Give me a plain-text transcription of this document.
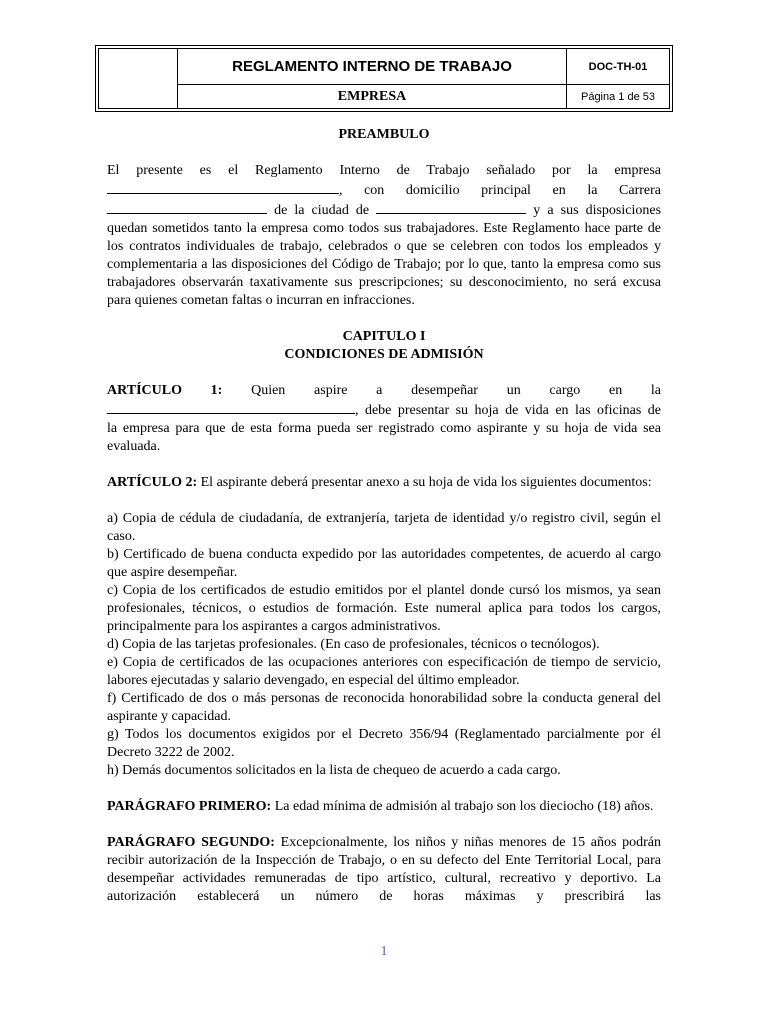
REGLAMENTO INTERNO DE TRABAJO	DOC-TH-01
EMPRESA	Página 1 de 53

PREAMBULO

El presente es el Reglamento Interno de Trabajo señalado por la empresa

, con domicilio principal en la Carrera

de la ciudad de	y a sus disposiciones

quedan sometidos tanto la empresa como todos sus trabajadores. Este Reglamento hace parte de los contratos individuales de trabajo, celebrados o que se celebren con todos los empleados y complementaria a las disposiciones del Código de Trabajo; por lo que, tanto la empresa como sus trabajadores observarán taxativamente sus prescripciones; su desconocimiento, no será excusa para quienes cometan faltas o incurran en infracciones.

CAPITULO I

CONDICIONES DE ADMISIÓN

ARTÍCULO 1: Quien aspire a desempeñar un cargo en la

, debe presentar su hoja de vida en las oficinas de

la empresa para que de esta forma pueda ser registrado como aspirante y su hoja de vida sea evaluada.

ARTÍCULO 2: El aspirante deberá presentar anexo a su hoja de vida los siguientes documentos:

a) Copia de cédula de ciudadanía, de extranjería, tarjeta de identidad y/o registro civil, según el caso.

b) Certificado de buena conducta expedido por las autoridades competentes, de acuerdo al cargo que aspire desempeñar.

c) Copia de los certificados de estudio emitidos por el plantel donde cursó los mismos, ya sean profesionales, técnicos, o estudios de formación. Este numeral aplica para todos los cargos, principalmente para los aspirantes a cargos administrativos.

d) Copia de las tarjetas profesionales. (En caso de profesionales, técnicos o tecnólogos).

e) Copia de certificados de las ocupaciones anteriores con especificación de tiempo de servicio, labores ejecutadas y salario devengado, en especial del último empleador.

f) Certificado de dos o más personas de reconocida honorabilidad sobre la conducta general del aspirante y capacidad.

g) Todos los documentos exigidos por el Decreto 356/94 (Reglamentado parcialmente por él Decreto 3222 de 2002.

h) Demás documentos solicitados en la lista de chequeo de acuerdo a cada cargo.

PARÁGRAFO PRIMERO: La edad mínima de admisión al trabajo son los dieciocho (18) años.

PARÁGRAFO SEGUNDO: Excepcionalmente, los niños y niñas menores de 15 años podrán recibir autorización de la Inspección de Trabajo, o en su defecto del Ente Territorial Local, para desempeñar actividades remuneradas de tipo artístico, cultural, recreativo y deportivo. La autorización establecerá un número de horas máximas y prescribirá las

1
